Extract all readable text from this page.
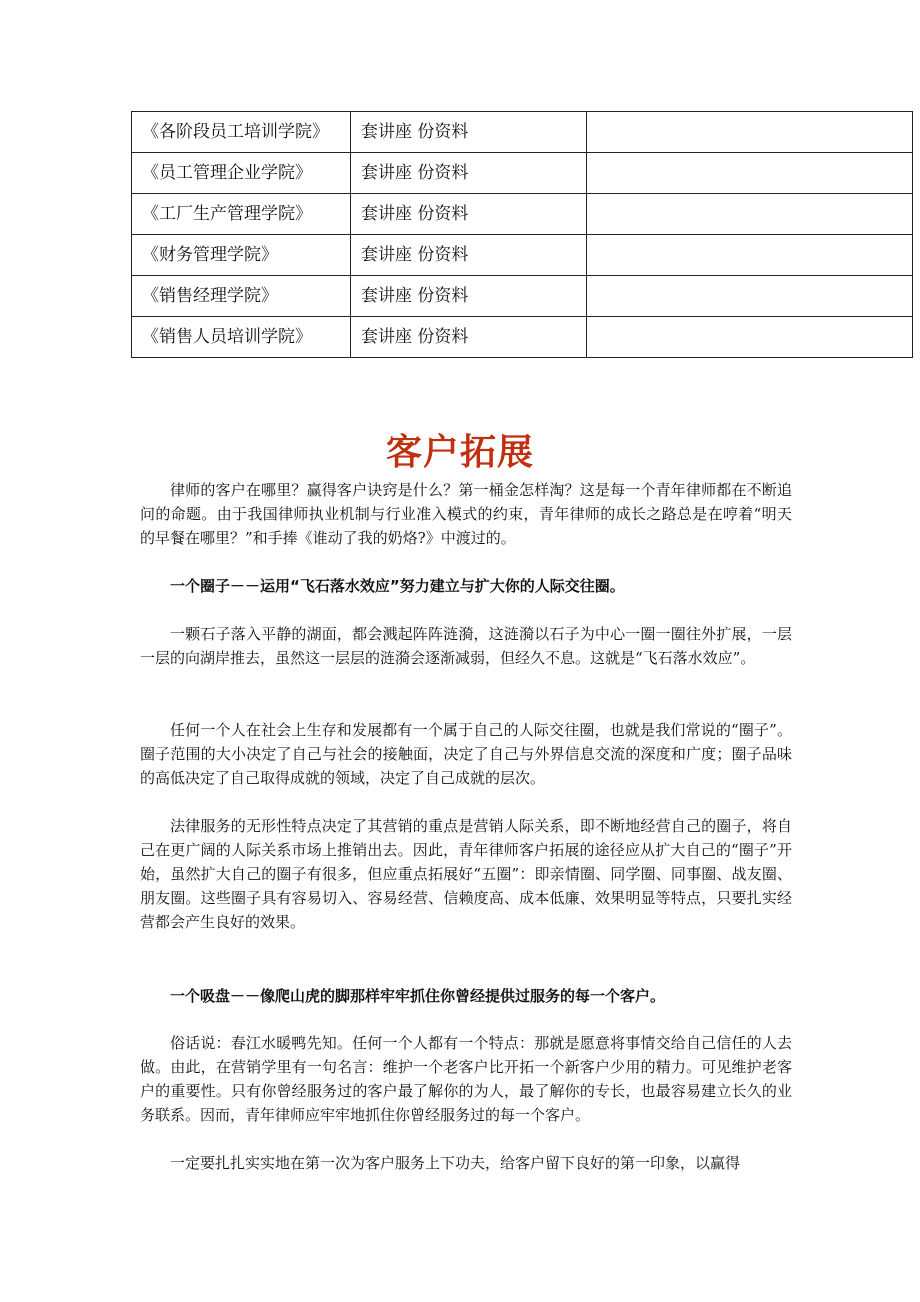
《各阶段员工培训学院》	套讲座 份资料	
《员工管理企业学院》	套讲座 份资料	
《工厂生产管理学院》	套讲座 份资料	
《财务管理学院》	套讲座 份资料	
《销售经理学院》	套讲座 份资料	
《销售人员培训学院》	套讲座 份资料	
客户拓展

律师的客户在哪里？赢得客户诀窍是什么？第一桶金怎样淘？这是每一个青年律师都在不断追问的命题。由于我国律师执业机制与行业准入模式的约束，青年律师的成长之路总是在哼着“明天的早餐在哪里？”和手捧《谁动了我的奶烙?》中渡过的。

一个圈子－－运用“飞石落水效应”努力建立与扩大你的人际交往圈。

一颗石子落入平静的湖面，都会溅起阵阵涟漪，这涟漪以石子为中心一圈一圈往外扩展，一层一层的向湖岸推去，虽然这一层层的涟漪会逐渐减弱，但经久不息。这就是“飞石落水效应”。

任何一个人在社会上生存和发展都有一个属于自己的人际交往圈，也就是我们常说的“圈子”。圈子范围的大小决定了自己与社会的接触面，决定了自己与外界信息交流的深度和广度；圈子品味的高低决定了自己取得成就的领域，决定了自己成就的层次。

法律服务的无形性特点决定了其营销的重点是营销人际关系，即不断地经营自己的圈子，将自己在更广阔的人际关系市场上推销出去。因此，青年律师客户拓展的途径应从扩大自己的“圈子”开始，虽然扩大自己的圈子有很多，但应重点拓展好“五圈”：即亲情圈、同学圈、同事圈、战友圈、朋友圈。这些圈子具有容易切入、容易经营、信赖度高、成本低廉、效果明显等特点，只要扎实经营都会产生良好的效果。

一个吸盘－－像爬山虎的脚那样牢牢抓住你曾经提供过服务的每一个客户。

俗话说：春江水暖鸭先知。任何一个人都有一个特点：那就是愿意将事情交给自己信任的人去做。由此，在营销学里有一句名言：维护一个老客户比开拓一个新客户少用的精力。可见维护老客户的重要性。只有你曾经服务过的客户最了解你的为人，最了解你的专长，也最容易建立长久的业务联系。因而，青年律师应牢牢地抓住你曾经服务过的每一个客户。

一定要扎扎实实地在第一次为客户服务上下功夫，给客户留下良好的第一印象，以赢得
